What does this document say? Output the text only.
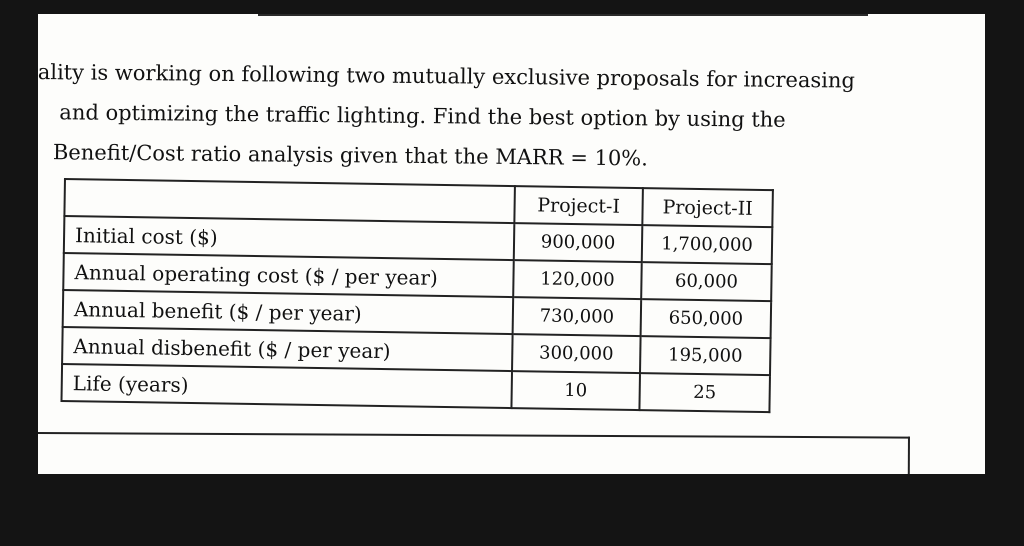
ality is working on following two mutually exclusive proposals for increasing
and optimizing the traffic lighting. Find the best option by using the
Benefit/Cost ratio analysis given that the MARR = 10%.
	Project-I	Project-II
Initial cost ($)	900,000	1,700,000
Annual operating cost ($ / per year)	120,000	60,000
Annual benefit ($ / per year)	730,000	650,000
Annual disbenefit ($ / per year)	300,000	195,000
Life (years)	10	25
